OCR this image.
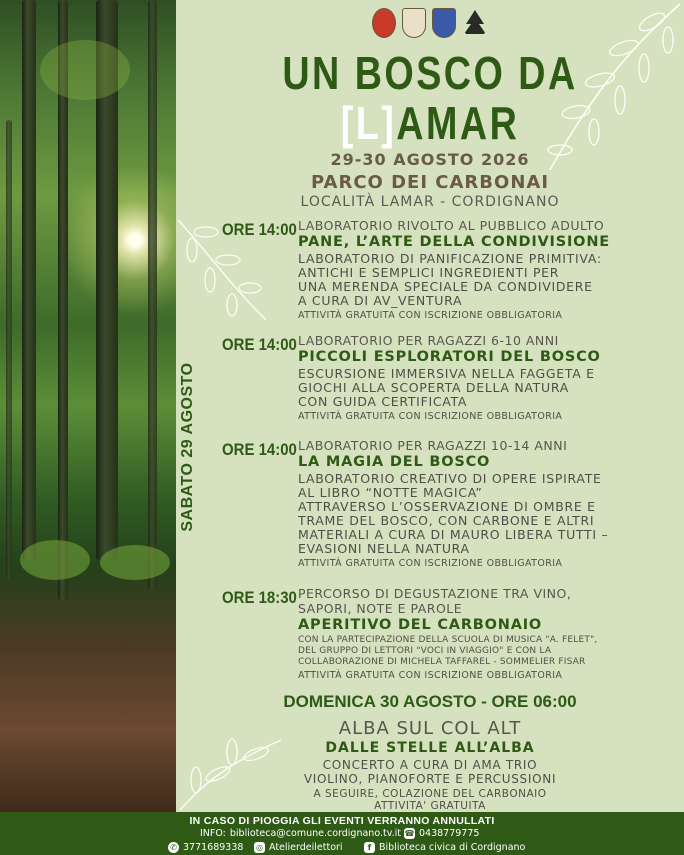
UN BOSCO DA
[L]AMAR
29-30 AGOSTO 2026
PARCO DEI CARBONAI
LOCALITÀ LAMAR - CORDIGNANO
SABATO 29 AGOSTO
ORE 14:00 LABORATORIO RIVOLTO AL PUBBLICO ADULTO
PANE, L’ARTE DELLA CONDIVISIONE
LABORATORIO DI PANIFICAZIONE PRIMITIVA:
ANTICHI E SEMPLICI INGREDIENTI PER
UNA MERENDA SPECIALE DA CONDIVIDERE
A CURA DI AV_VENTURA
ATTIVITÀ GRATUITA CON ISCRIZIONE OBBLIGATORIA
ORE 14:00 LABORATORIO PER RAGAZZI 6-10 ANNI
PICCOLI ESPLORATORI DEL BOSCO
ESCURSIONE IMMERSIVA NELLA FAGGETA E
GIOCHI ALLA SCOPERTA DELLA NATURA
CON GUIDA CERTIFICATA
ATTIVITÀ GRATUITA CON ISCRIZIONE OBBLIGATORIA
ORE 14:00 LABORATORIO PER RAGAZZI 10-14 ANNI
LA MAGIA DEL BOSCO
LABORATORIO CREATIVO DI OPERE ISPIRATE
AL LIBRO “NOTTE MAGICA”
ATTRAVERSO L’OSSERVAZIONE DI OMBRE E
TRAME DEL BOSCO, CON CARBONE E ALTRI
MATERIALI A CURA DI MAURO LIBERA TUTTI –
EVASIONI NELLA NATURA
ATTIVITÀ GRATUITA CON ISCRIZIONE OBBLIGATORIA
ORE 18:30 PERCORSO DI DEGUSTAZIONE TRA VINO,
SAPORI, NOTE E PAROLE
APERITIVO DEL CARBONAIO
CON LA PARTECIPAZIONE DELLA SCUOLA DI MUSICA "A. FELET",
DEL GRUPPO DI LETTORI "VOCI IN VIAGGIO" E CON LA
COLLABORAZIONE DI MICHELA TAFFAREL - SOMMELIER FISAR
ATTIVITÀ GRATUITA CON ISCRIZIONE OBBLIGATORIA
DOMENICA 30 AGOSTO - ORE 06:00
ALBA SUL COL ALT
DALLE STELLE ALL’ALBA
CONCERTO A CURA DI AMA TRIO
VIOLINO, PIANOFORTE E PERCUSSIONI
A SEGUIRE, COLAZIONE DEL CARBONAIO
ATTIVITA' GRATUITA
IN CASO DI PIOGGIA GLI EVENTI VERRANNO ANNULLATI
INFO: biblioteca@comune.cordignano.tv.it ☎ 0438779775
✆ 3771689338 ◎ Atelierdeilettori	f Biblioteca civica di Cordignano
